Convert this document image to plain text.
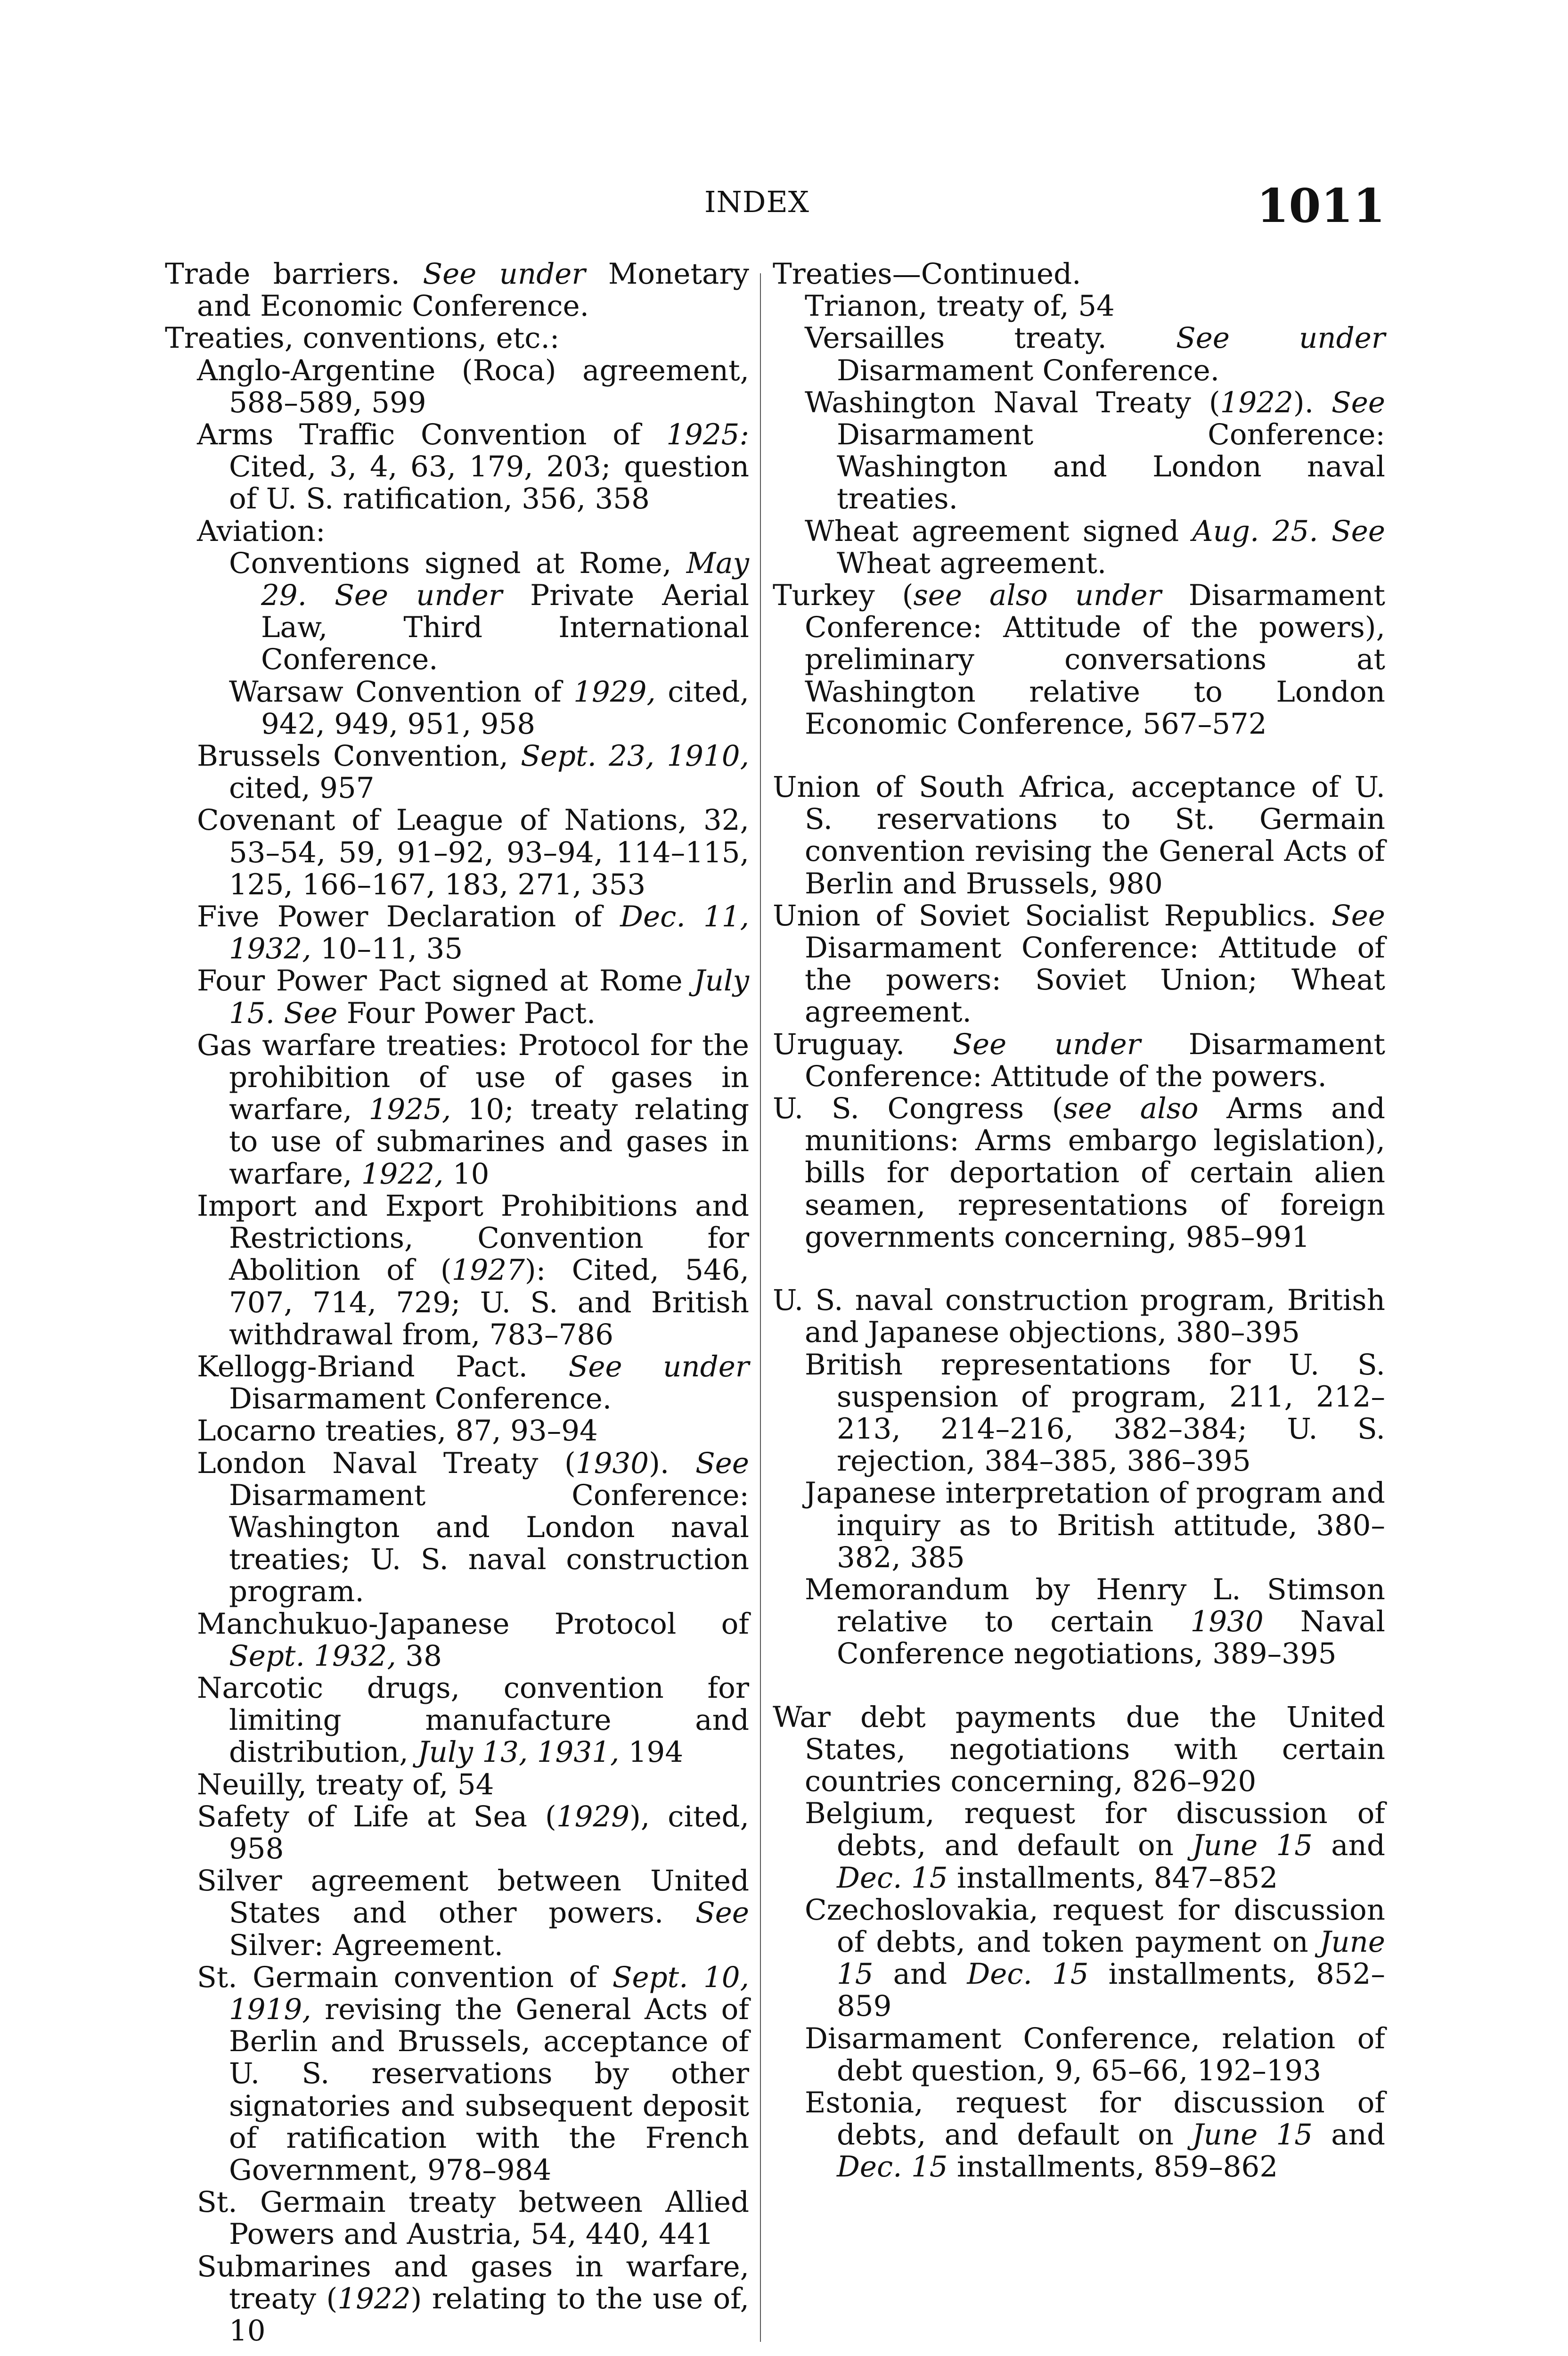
INDEX	1011
Trade barriers. See under Monetary and Economic Conference.
Treaties, conventions, etc.:
Anglo-Argentine (Roca) agreement, 588–589, 599
Arms Traffic Convention of 1925: Cited, 3, 4, 63, 179, 203; question of U. S. ratification, 356, 358
Aviation:
Conventions signed at Rome, May 29. See under Private Aerial Law, Third International Conference.
Warsaw Convention of 1929, cited, 942, 949, 951, 958
Brussels Convention, Sept. 23, 1910, cited, 957
Covenant of League of Nations, 32, 53–54, 59, 91–92, 93–94, 114–115, 125, 166–167, 183, 271, 353
Five Power Declaration of Dec. 11, 1932, 10–11, 35
Four Power Pact signed at Rome July 15. See Four Power Pact.
Gas warfare treaties: Protocol for the prohibition of use of gases in warfare, 1925, 10; treaty relating to use of submarines and gases in warfare, 1922, 10
Import and Export Prohibitions and Restrictions, Convention for Abolition of (1927): Cited, 546, 707, 714, 729; U. S. and British withdrawal from, 783–786
Kellogg-Briand Pact. See under Disarmament Conference.
Locarno treaties, 87, 93–94
London Naval Treaty (1930). See Disarmament Conference: Washington and London naval treaties; U. S. naval construction program.
Manchukuo-Japanese Protocol of Sept. 1932, 38
Narcotic drugs, convention for limiting manufacture and distribution, July 13, 1931, 194
Neuilly, treaty of, 54
Safety of Life at Sea (1929), cited, 958
Silver agreement between United States and other powers. See Silver: Agreement.
St. Germain convention of Sept. 10, 1919, revising the General Acts of Berlin and Brussels, acceptance of U. S. reservations by other signatories and subsequent deposit of ratification with the French Government, 978–984
St. Germain treaty between Allied Powers and Austria, 54, 440, 441
Submarines and gases in warfare, treaty (1922) relating to the use of, 10
Treaties—Continued.
Trianon, treaty of, 54
Versailles treaty. See under Disarmament Conference.
Washington Naval Treaty (1922). See Disarmament Conference: Washington and London naval treaties.
Wheat agreement signed Aug. 25. See Wheat agreement.
Turkey (see also under Disarmament Conference: Attitude of the powers), preliminary conversations at Washington relative to London Economic Conference, 567–572
Union of South Africa, acceptance of U. S. reservations to St. Germain convention revising the General Acts of Berlin and Brussels, 980
Union of Soviet Socialist Republics. See Disarmament Conference: Attitude of the powers: Soviet Union; Wheat agreement.
Uruguay. See under Disarmament Conference: Attitude of the powers.
U. S. Congress (see also Arms and munitions: Arms embargo legislation), bills for deportation of certain alien seamen, representations of foreign governments concerning, 985–991
U. S. naval construction program, British and Japanese objections, 380–395
British representations for U. S. suspension of program, 211, 212–213, 214–216, 382–384; U. S. rejection, 384–385, 386–395
Japanese interpretation of program and inquiry as to British attitude, 380–382, 385
Memorandum by Henry L. Stimson relative to certain 1930 Naval Conference negotiations, 389–395
War debt payments due the United States, negotiations with certain countries concerning, 826–920
Belgium, request for discussion of debts, and default on June 15 and Dec. 15 installments, 847–852
Czechoslovakia, request for discussion of debts, and token payment on June 15 and Dec. 15 installments, 852–859
Disarmament Conference, relation of debt question, 9, 65–66, 192–193
Estonia, request for discussion of debts, and default on June 15 and Dec. 15 installments, 859–862
